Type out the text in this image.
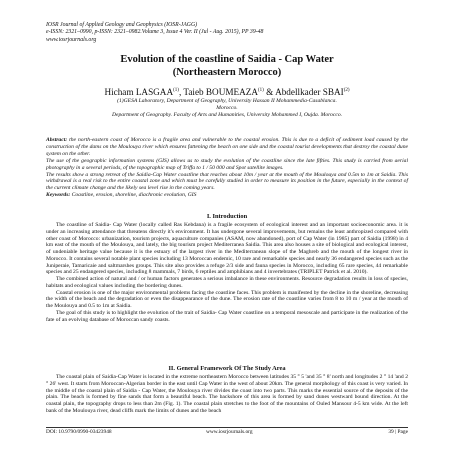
IOSR Journal of Applied Geology and Geophysics (IOSR-JAGG)
e-ISSN: 2321–0990, p-ISSN: 2321–0982.Volume 3, Issue 4 Ver. II (Jul - Aug. 2015), PP 39-48
www.iosrjournals.org
Evolution of the coastline of Saidia - Cap Water
(Northeastern Morocco)
Hicham LASGAA$^{(1)}$, Taieb BOUMEAZA$^{(1)}$ & Abdellkader SBAI$^{(2)}$
(1)GESA Laboratory, Department of Geography, University Hassan II Mohammedia-Casablanca.
Morocco.
Department of Geography. Faculty of Arts and Humanities, University Mohammed I, Oujda. Morocco.

Abstract: the north-eastern coast of Morocco is a fragile area and vulnerable to the coastal erosion. This is due to a deficit of sediment load caused by the construction of the dams on the Moulouya river which ensures fattening the beach on one side and the coastal tourist developments that destroy the coastal dune system on the other.

The use of the geographic information systems (GIS) allows us to study the evolution of the coastline since the late fifties. This study is carried from aerial photography in a several periods, of the topographic map of Triffa to 1 / 50 000 and Spot satellite images.

The results show a strong retreat of the Saidia-Cap Water coastline that reaches about 10m / year at the mouth of the Moulouya and 0.5m to 1m at Saidia. This withdrawal is a real risk to the entire coastal zone and which must be carefully studied in order to measure its position in the future, especially in the context of the current climate change and the likely sea level rise in the coming years.

Keywords: Coastline, erosion, shoreline, diachronic evolution, GIS

I. Introduction

The coastline of Saidia- Cap Water (locally called Ras Kebdana) is a fragile ecosystem of ecological interest and an important socioeconomic area. it is under an increasing attendance that threatens directly it's environment. It has undergone several improvements, but remains the least anthropized compared with other coast of Morocco: urbanization, tourism projects, aquaculture companies (ASAM, now abandoned), port of Cap Water (in 1985) part of Saidia (1998) in 4 km east of the mouth of the Moulouya, and lately, the big tourism project Mediterranea Saidia. This area also houses a site of biological and ecological interest, of undeniable heritage value because it is the estuary of the largest river in the Mediterranean slope of the Maghreb and the mouth of the longest river in Morocco. It contains several notable plant species including 13 Moroccan endemic, 10 rare and remarkable species and nearly 36 endangered species such as the Juniperaie, Tamaricaie and saltmarshes groups. This site also provides a refuge 2/3 side and fauna species in Morocco, including 65 rare species, 44 remarkable species and 25 endangered species, including 8 mammals, 7 birds, 6 reptiles and amphibians and 4 invertebrates (TRIPLET Patrick et al. 2010).

The combined action of natural and / or human factors generates a serious imbalance in these environments. Resource degradation results in loss of species, habitats and ecological values including the bordering dunes.

Coastal erosion is one of the major environmental problems facing the coastline faces. This problem is manifested by the decline in the shoreline, decreasing the width of the beach and the degradation or even the disappearance of the dune. The erosion rate of the coastline varies from 8 to 10 m / year at the mouth of the Moulouya and 0.5 to 1m at Saidia.

The goal of this study is to highlight the evolution of the trait of Saidia- Cap Water coastline on a temporal mesoscale and participate in the realization of the fate of an evolving database of Moroccan sandy coasts.

II. General Framework Of The Study Area

The coastal plain of Saidia-Cap Water is located in the extreme northeastern Morocco between latitudes 35 ° 5 'and 35 ° 8' north and longitudes 2 ° 14 'and 2 ° 26' west. It starts from Moroccan-Algerian border in the east until Cap Water in the west of about 20km. The general morphology of this coast is very varied. In the middle of the coastal plain of Saidia - Cap Water, the Moulouya river divides the coast into two parts. This marks the essential source of the deposits of the plain. The beach is formed by fine sands that form a beautiful beach. The backshore of this area is formed by sand dunes westward bound direction. At the coastal plain, the topography drops to less than 2m (Fig. 1). The coastal plain stretches to the foot of the mountains of Ouled Mansour 4-5 km wide. At the left bank of the Moulouya river, dead cliffs mark the limits of dunes and the beach

DOI: 10.9790/0990-03423948	www.iosrjournals.org	39 | Page
